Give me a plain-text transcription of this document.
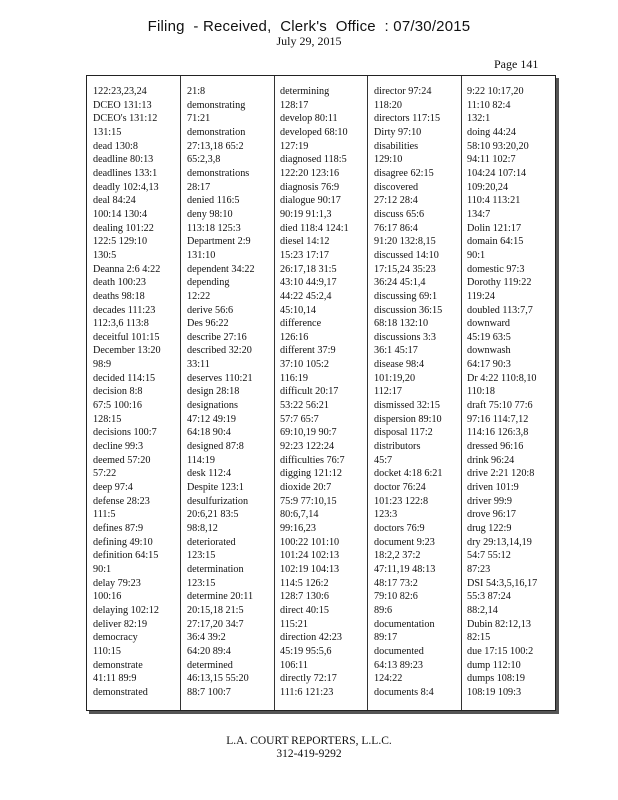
Filing  - Received,  Clerk's  Office  : 07/30/2015
July 29, 2015
Page 141
122:23,23,24
DCEO 131:13
DCEO's 131:12
131:15
dead 130:8
deadline 80:13
deadlines 133:1
deadly 102:4,13
deal 84:24
100:14 130:4
dealing 101:22
122:5 129:10
130:5
Deanna 2:6 4:22
death 100:23
deaths 98:18
decades 111:23
112:3,6 113:8
deceitful 101:15
December 13:20
98:9
decided 114:15
decision 8:8
67:5 100:16
128:15
decisions 100:7
decline 99:3
deemed 57:20
57:22
deep 97:4
defense 28:23
111:5
defines 87:9
defining 49:10
definition 64:15
90:1
delay 79:23
100:16
delaying 102:12
deliver 82:19
democracy
110:15
demonstrate
41:11 89:9
demonstrated
21:8
demonstrating
71:21
demonstration
27:13,18 65:2
65:2,3,8
demonstrations
28:17
denied 116:5
deny 98:10
113:18 125:3
Department 2:9
131:10
dependent 34:22
depending
12:22
derive 56:6
Des 96:22
describe 27:16
described 32:20
33:11
deserves 110:21
design 28:18
designations
47:12 49:19
64:18 90:4
designed 87:8
114:19
desk 112:4
Despite 123:1
desulfurization
20:6,21 83:5
98:8,12
deteriorated
123:15
determination
123:15
determine 20:11
20:15,18 21:5
27:17,20 34:7
36:4 39:2
64:20 89:4
determined
46:13,15 55:20
88:7 100:7
determining
128:17
develop 80:11
developed 68:10
127:19
diagnosed 118:5
122:20 123:16
diagnosis 76:9
dialogue 90:17
90:19 91:1,3
died 118:4 124:1
diesel 14:12
15:23 17:17
26:17,18 31:5
43:10 44:9,17
44:22 45:2,4
45:10,14
difference
126:16
different 37:9
37:10 105:2
116:19
difficult 20:17
53:22 56:21
57:7 65:7
69:10,19 90:7
92:23 122:24
difficulties 76:7
digging 121:12
dioxide 20:7
75:9 77:10,15
80:6,7,14
99:16,23
100:22 101:10
101:24 102:13
102:19 104:13
114:5 126:2
128:7 130:6
direct 40:15
115:21
direction 42:23
45:19 95:5,6
106:11
directly 72:17
111:6 121:23
director 97:24
118:20
directors 117:15
Dirty 97:10
disabilities
129:10
disagree 62:15
discovered
27:12 28:4
discuss 65:6
76:17 86:4
91:20 132:8,15
discussed 14:10
17:15,24 35:23
36:24 45:1,4
discussing 69:1
discussion 36:15
68:18 132:10
discussions 3:3
36:1 45:17
disease 98:4
101:19,20
112:17
dismissed 32:15
dispersion 89:10
disposal 117:2
distributors
45:7
docket 4:18 6:21
doctor 76:24
101:23 122:8
123:3
doctors 76:9
document 9:23
18:2,2 37:2
47:11,19 48:13
48:17 73:2
79:10 82:6
89:6
documentation
89:17
documented
64:13 89:23
124:22
documents 8:4
9:22 10:17,20
11:10 82:4
132:1
doing 44:24
58:10 93:20,20
94:11 102:7
104:24 107:14
109:20,24
110:4 113:21
134:7
Dolin 121:17
domain 64:15
90:1
domestic 97:3
Dorothy 119:22
119:24
doubled 113:7,7
downward
45:19 63:5
downwash
64:17 90:3
Dr 4:22 110:8,10
110:18
draft 75:10 77:6
97:16 114:7,12
114:16 126:3,8
dressed 96:16
drink 96:24
drive 2:21 120:8
driven 101:9
driver 99:9
drove 96:17
drug 122:9
dry 29:13,14,19
54:7 55:12
87:23
DSI 54:3,5,16,17
55:3 87:24
88:2,14
Dubin 82:12,13
82:15
due 17:15 100:2
dump 112:10
dumps 108:19
108:19 109:3
L.A. COURT REPORTERS, L.L.C.
312-419-9292
